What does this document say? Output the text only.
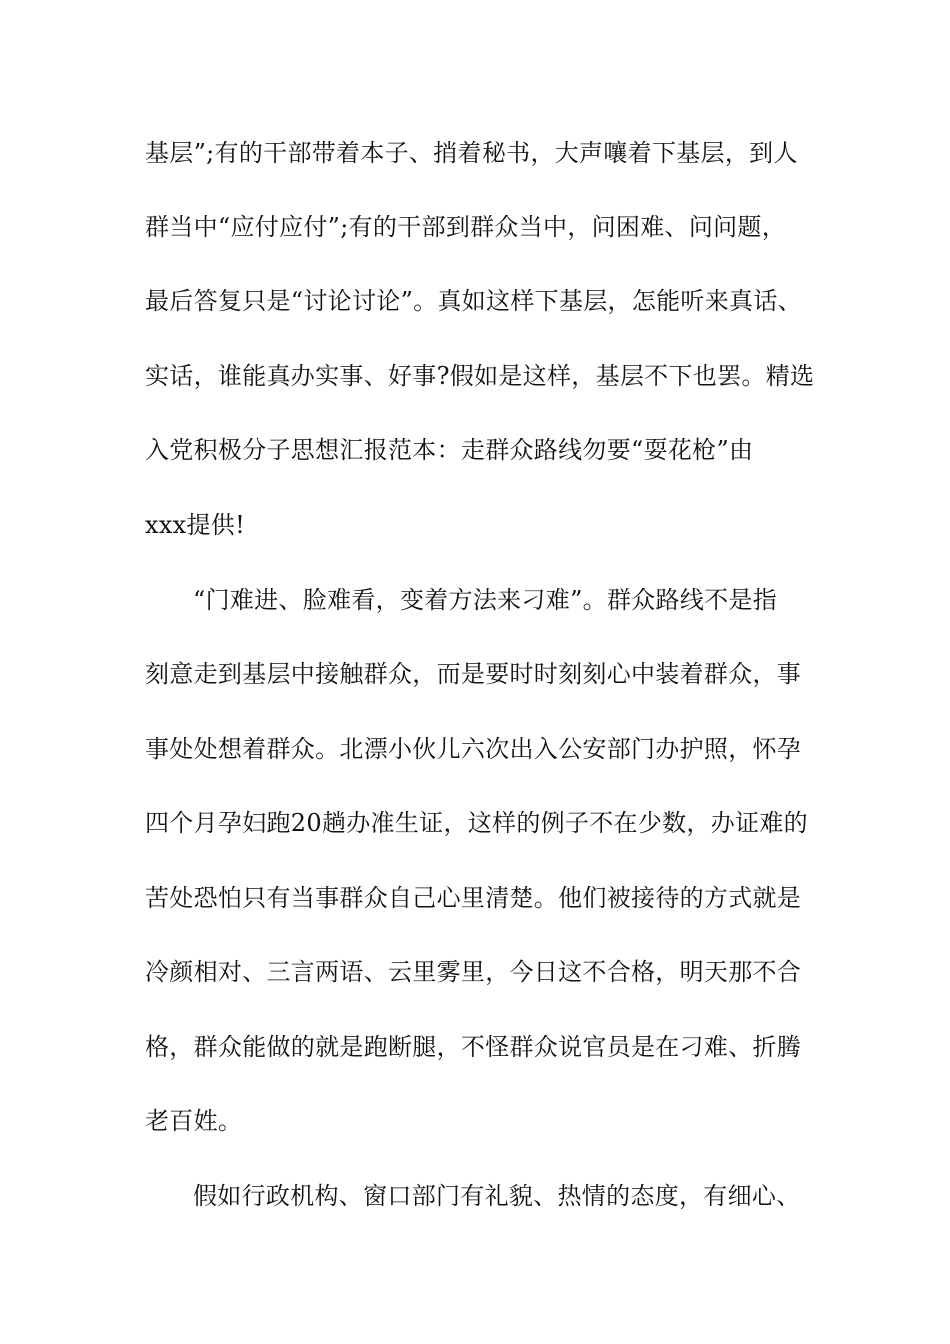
基层”;有的干部带着本子、捎着秘书，大声嚷着下基层，到人

群当中“应付应付”;有的干部到群众当中，问困难、问问题，

最后答复只是“讨论讨论”。真如这样下基层，怎能听来真话、

实话，谁能真办实事、好事?假如是这样，基层不下也罢。精选

入党积极分子思想汇报范本：走群众路线勿要“耍花枪”由

xxx提供!

“门难进、脸难看，变着方法来刁难”。群众路线不是指

刻意走到基层中接触群众，而是要时时刻刻心中装着群众，事

事处处想着群众。北漂小伙儿六次出入公安部门办护照，怀孕

四个月孕妇跑20趟办准生证，这样的例子不在少数，办证难的

苦处恐怕只有当事群众自己心里清楚。他们被接待的方式就是

冷颜相对、三言两语、云里雾里，今日这不合格，明天那不合

格，群众能做的就是跑断腿，不怪群众说官员是在刁难、折腾

老百姓。

假如行政机构、窗口部门有礼貌、热情的态度，有细心、
